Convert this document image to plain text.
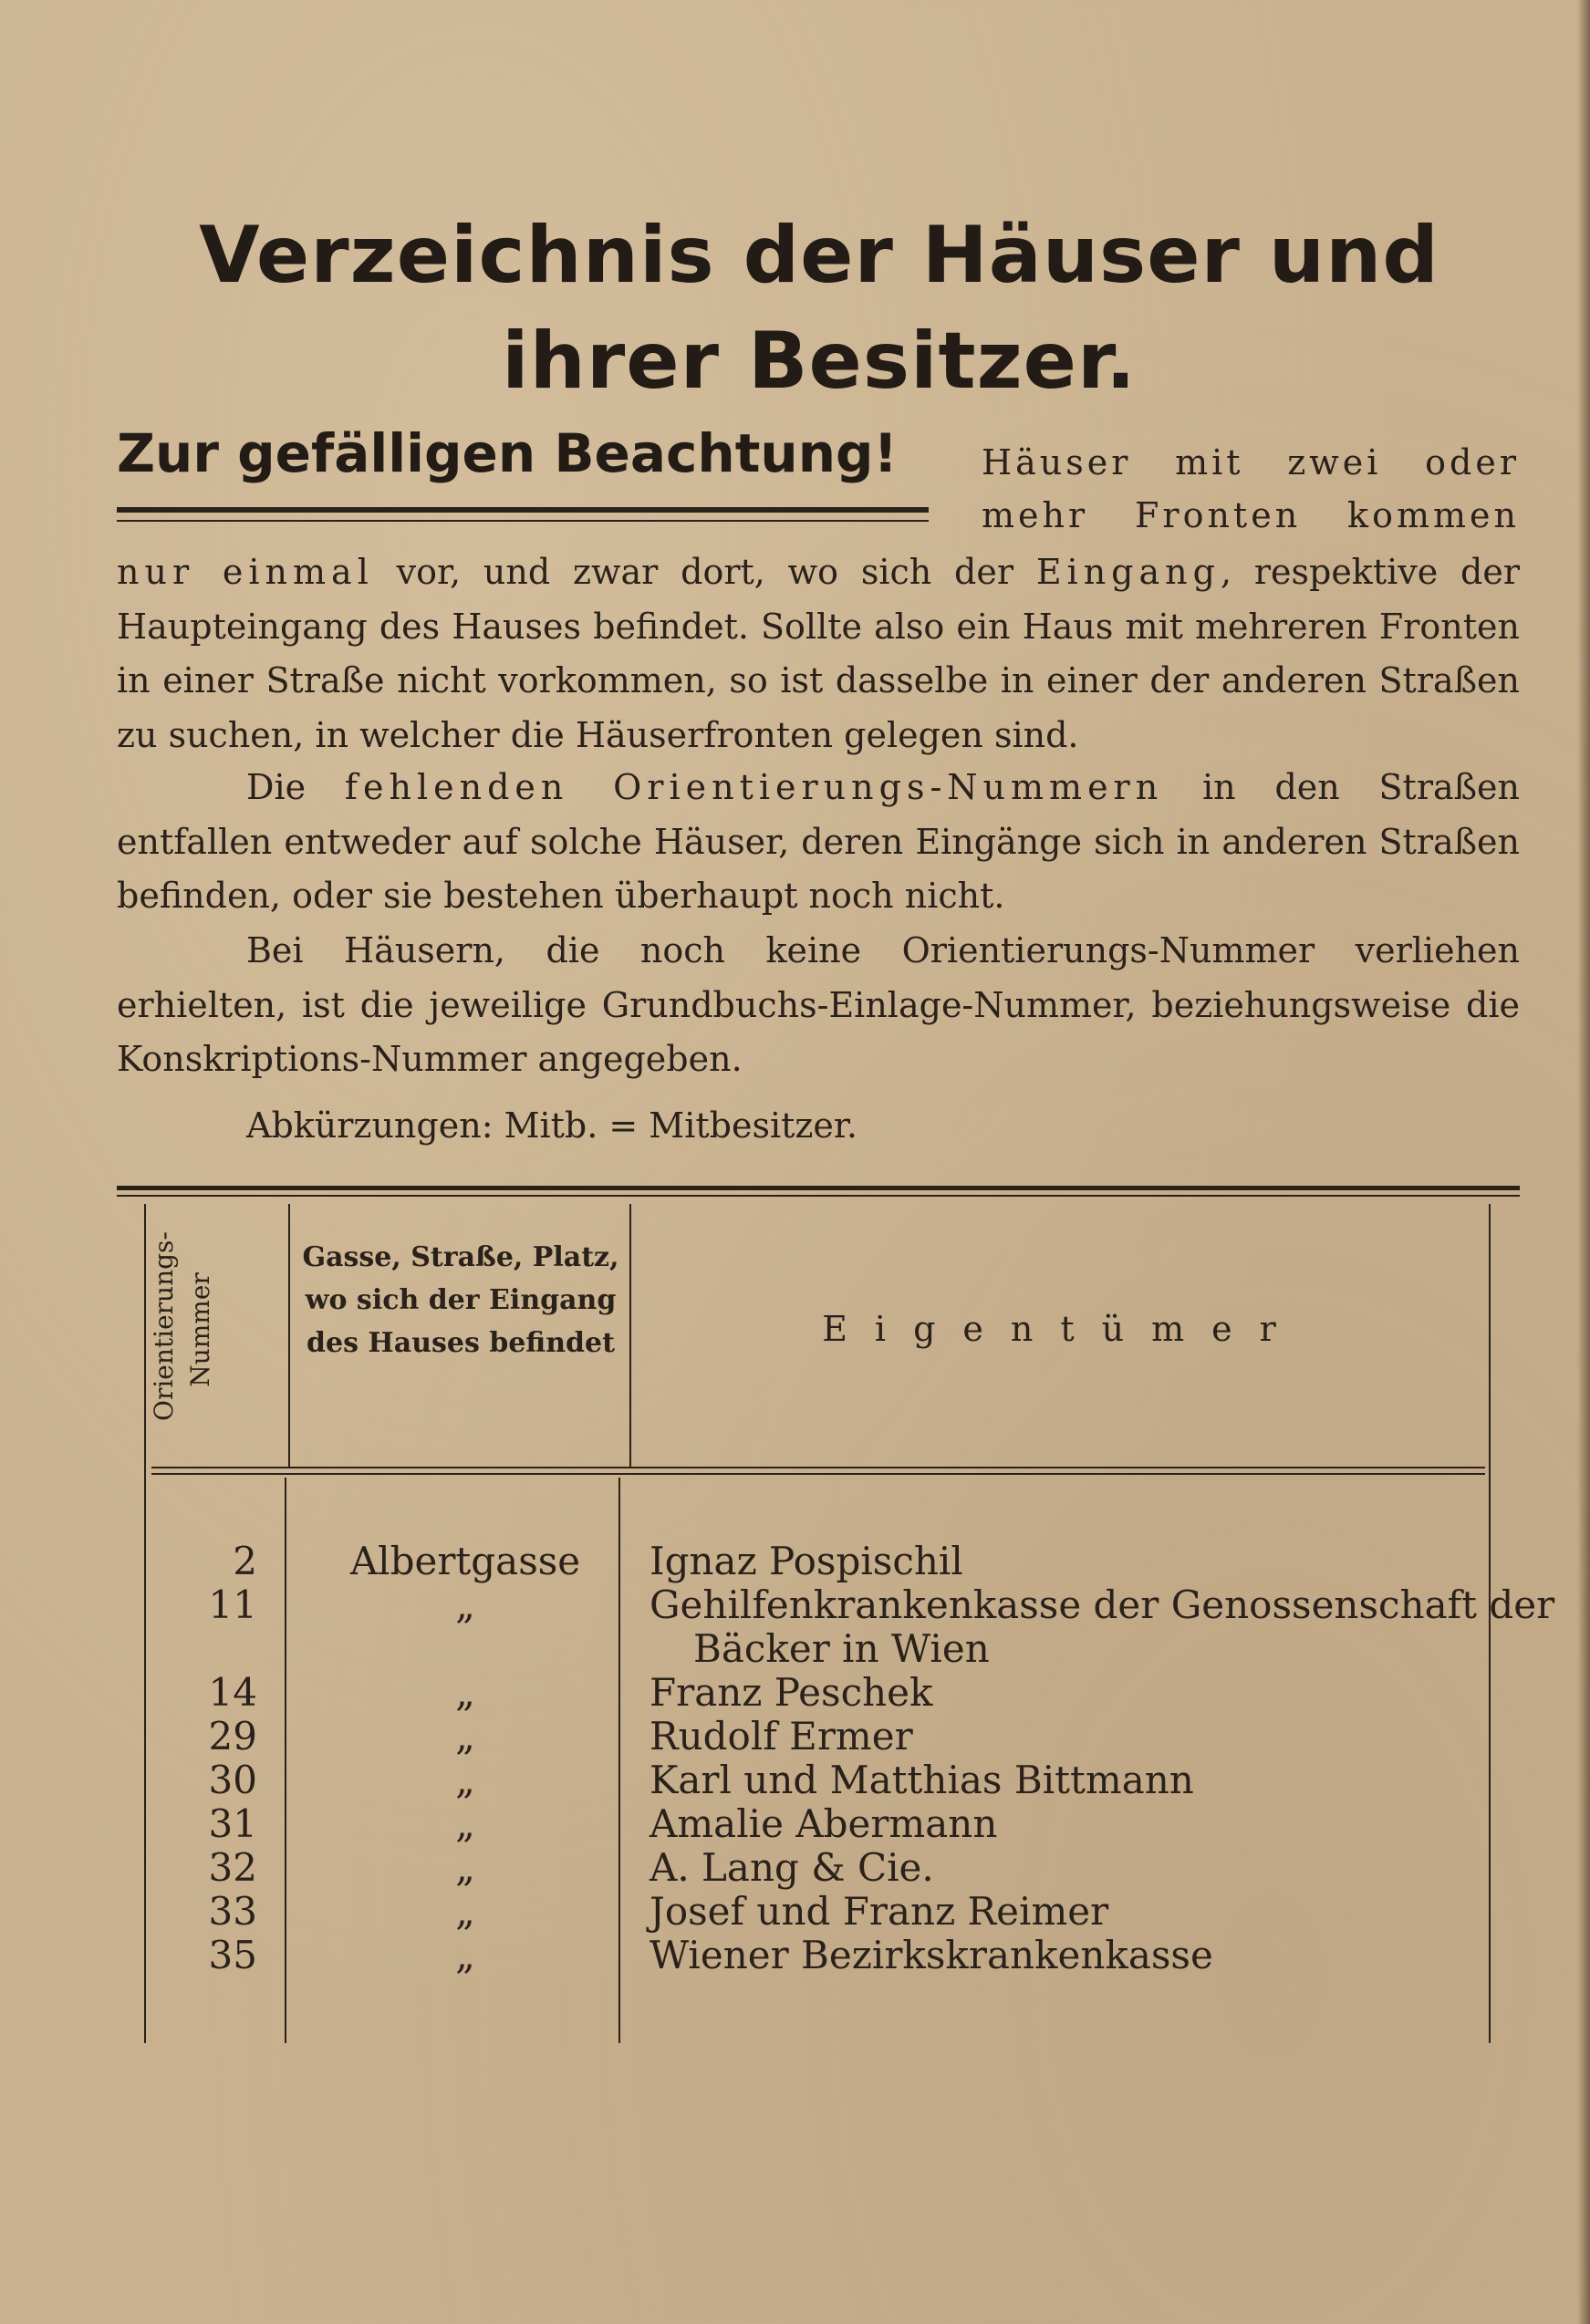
Verzeichnis der Häuser und ihrer Besitzer.
Zur gefälligen Beachtung!	Häuser mit zwei oder mehr Fronten kommen

nur einmal vor, und zwar dort, wo sich der Eingang, respektive der Haupteingang des Hauses befindet. Sollte also ein Haus mit mehreren Fronten in einer Straße nicht vorkommen, so ist dasselbe in einer der anderen Straßen zu suchen, in welcher die Häuserfronten gelegen sind.

Die fehlenden Orientierungs-Nummern in den Straßen entfallen entweder auf solche Häuser, deren Eingänge sich in anderen Straßen befinden, oder sie bestehen überhaupt noch nicht.

Bei Häusern, die noch keine Orientierungs-Nummer verliehen erhielten, ist die jeweilige Grundbuchs-Einlage-Nummer, beziehungsweise die Konskriptions-Nummer angegeben.

Abkürzungen: Mitb. = Mitbesitzer.

Orientierungs-Nummer
Gasse, Straße, Platz, wo sich der Eingang des Hauses befindet	Eigentümer
2	Albertgasse	Ignaz Pospischil
11	„	Gehilfenkrankenkasse der Genossenschaft der
Bäcker in Wien
14	„	Franz Peschek
29	„	Rudolf Ermer
30	„	Karl und Matthias Bittmann
31	„	Amalie Abermann
32	„	A. Lang & Cie.
33	„	Josef und Franz Reimer
35	„	Wiener Bezirkskrankenkasse
